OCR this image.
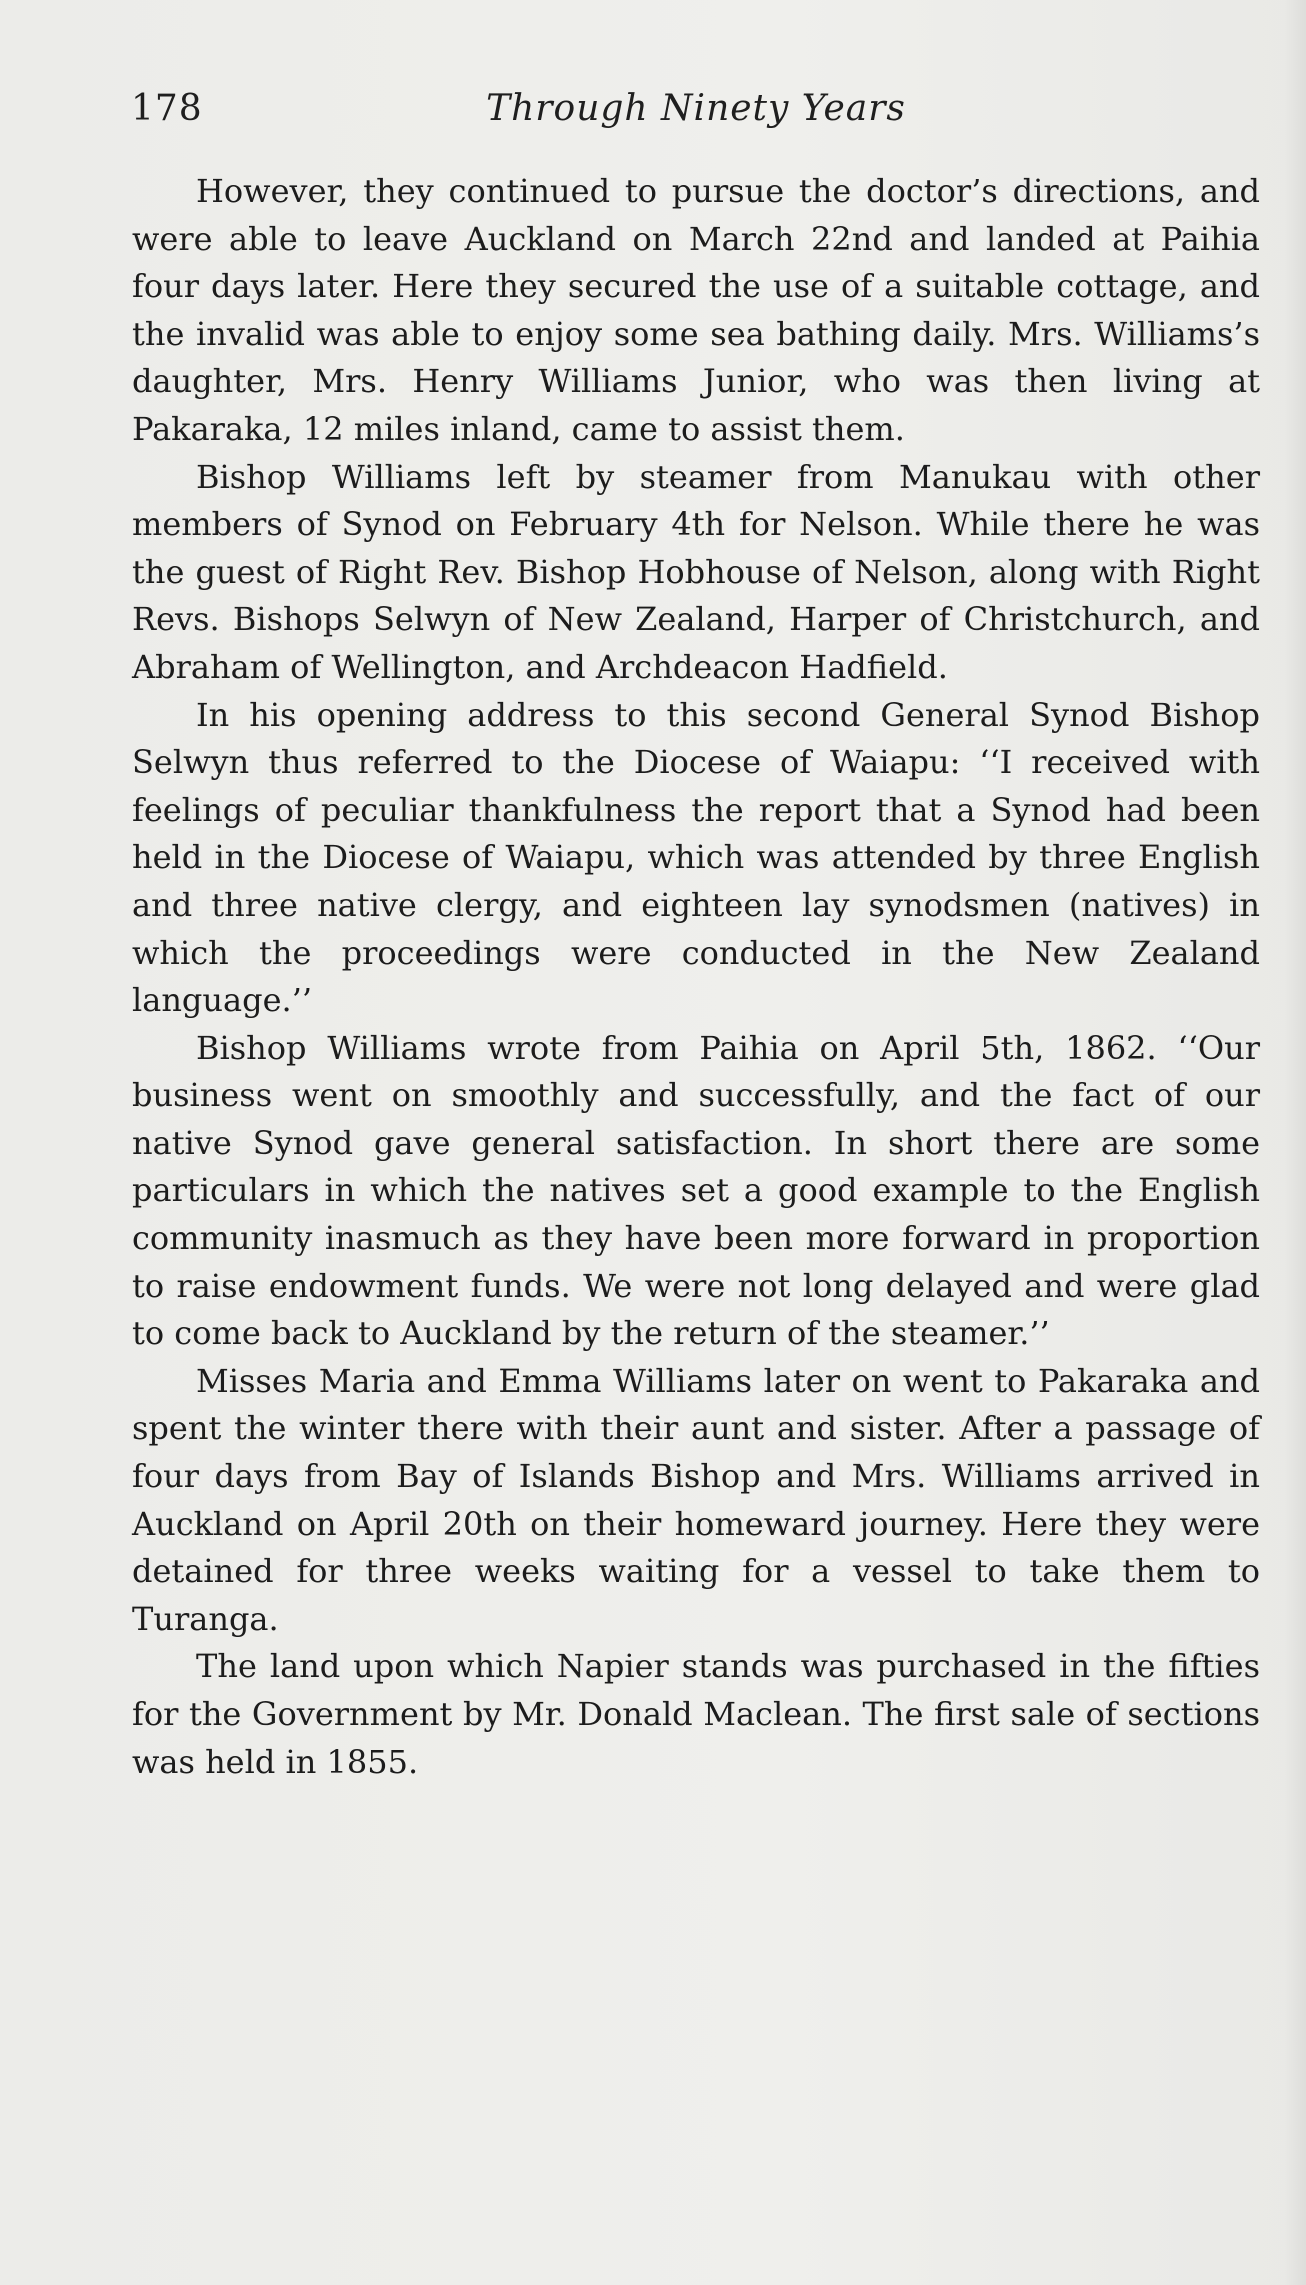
178	Through Ninety Years

However, they continued to pursue the doctor’s directions, and were able to leave Auckland on March 22nd and landed at Paihia four days later. Here they secured the use of a suitable cottage, and the invalid was able to enjoy some sea bathing daily. Mrs. Williams’s daughter, Mrs. Henry Williams Junior, who was then living at Pakaraka, 12 miles inland, came to assist them.

Bishop Williams left by steamer from Manukau with other members of Synod on February 4th for Nelson. While there he was the guest of Right Rev. Bishop Hobhouse of Nelson, along with Right Revs. Bishops Selwyn of New Zealand, Harper of Christchurch, and Abraham of Wellington, and Archdeacon Hadfield.

In his opening address to this second General Synod Bishop Selwyn thus referred to the Diocese of Waiapu: ‘‘I received with feelings of peculiar thankfulness the report that a Synod had been held in the Diocese of Waiapu, which was attended by three English and three native clergy, and eighteen lay synodsmen (natives) in which the proceedings were conducted in the New Zealand language.’’

Bishop Williams wrote from Paihia on April 5th, 1862. ‘‘Our business went on smoothly and successfully, and the fact of our native Synod gave general satisfaction. In short there are some particulars in which the natives set a good example to the English community inasmuch as they have been more forward in proportion to raise endowment funds. We were not long delayed and were glad to come back to Auckland by the return of the steamer.’’

Misses Maria and Emma Williams later on went to Pakaraka and spent the winter there with their aunt and sister. After a passage of four days from Bay of Islands Bishop and Mrs. Williams arrived in Auckland on April 20th on their homeward journey. Here they were detained for three weeks waiting for a vessel to take them to Turanga.

The land upon which Napier stands was purchased in the fifties for the Government by Mr. Donald Maclean. The first sale of sections was held in 1855.
